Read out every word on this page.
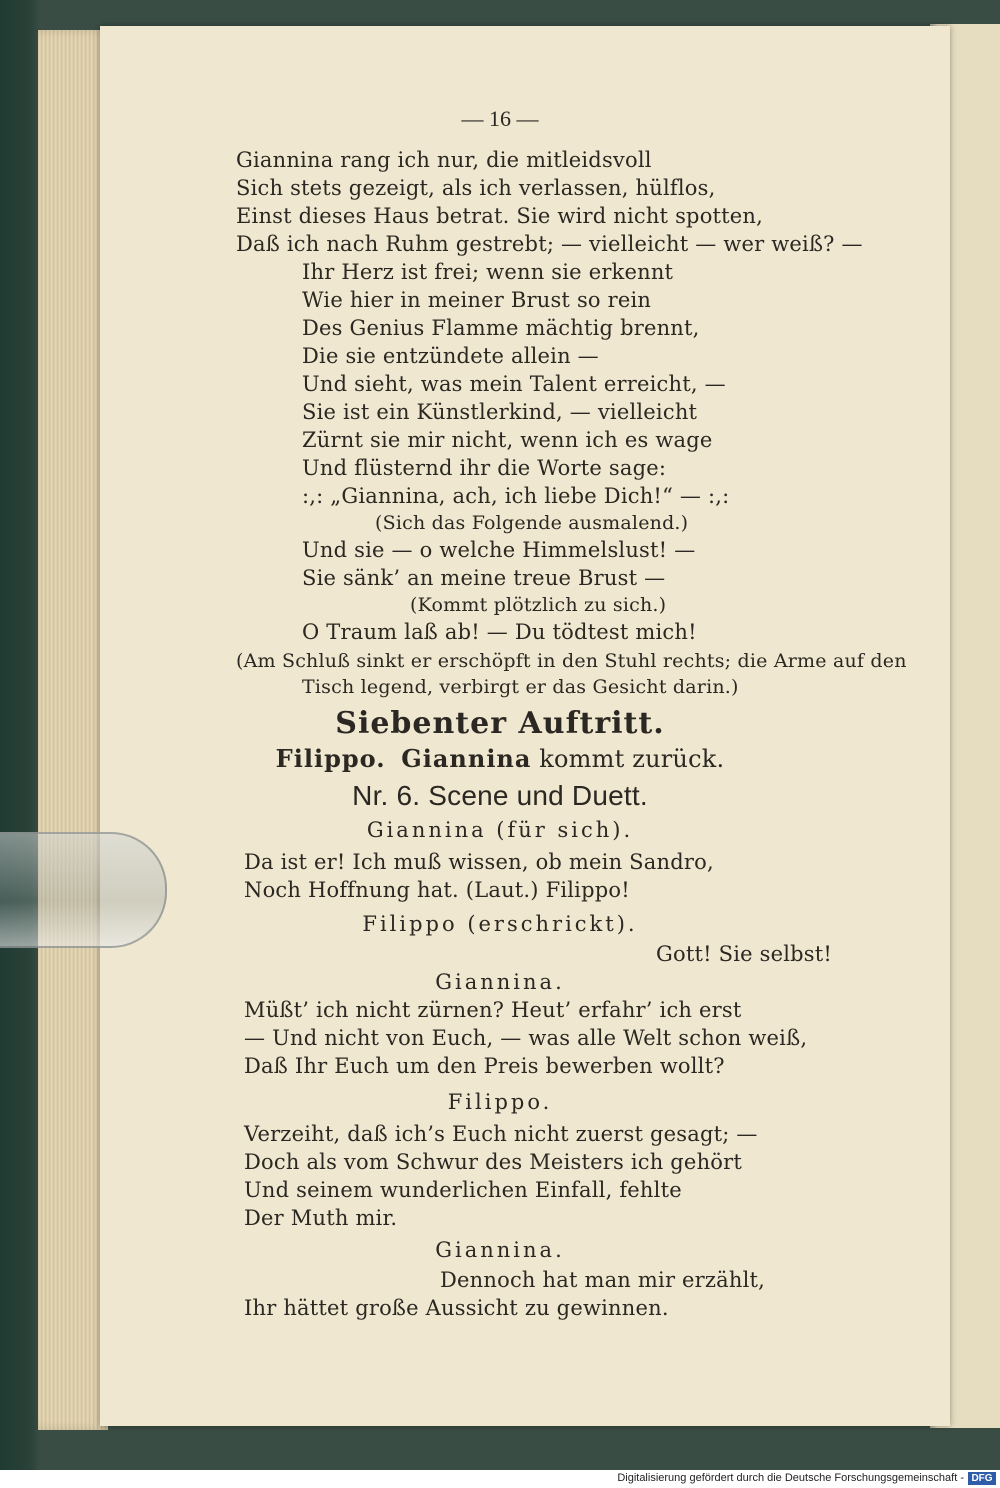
— 16 —
Giannina rang ich nur, die mitleidsvoll
Sich stets gezeigt, als ich verlassen, hülflos,
Einst dieses Haus betrat. Sie wird nicht spotten,
Daß ich nach Ruhm gestrebt; — vielleicht — wer weiß? —
Ihr Herz ist frei; wenn sie erkennt
Wie hier in meiner Brust so rein
Des Genius Flamme mächtig brennt,
Die sie entzündete allein —
Und sieht, was mein Talent erreicht, —
Sie ist ein Künstlerkind, — vielleicht
Zürnt sie mir nicht, wenn ich es wage
Und flüsternd ihr die Worte sage:
:,: „Giannina, ach, ich liebe Dich!“ — :,:
(Sich das Folgende ausmalend.)
Und sie — o welche Himmelslust! —
Sie sänk’ an meine treue Brust —
(Kommt plötzlich zu sich.)
O Traum laß ab! — Du tödtest mich!
(Am Schluß sinkt er erschöpft in den Stuhl rechts; die Arme auf den
Tisch legend, verbirgt er das Gesicht darin.)
Siebenter Auftritt.
Filippo. Giannina kommt zurück.
Nr. 6. Scene und Duett.
Giannina (für sich).
Da ist er! Ich muß wissen, ob mein Sandro,
Noch Hoffnung hat. (Laut.) Filippo!
Filippo (erschrickt).
Gott! Sie selbst!
Giannina.
Müßt’ ich nicht zürnen? Heut’ erfahr’ ich erst
— Und nicht von Euch, — was alle Welt schon weiß,
Daß Ihr Euch um den Preis bewerben wollt?
Filippo.
Verzeiht, daß ich’s Euch nicht zuerst gesagt; —
Doch als vom Schwur des Meisters ich gehört
Und seinem wunderlichen Einfall, fehlte
Der Muth mir.
Giannina.
Dennoch hat man mir erzählt,
Ihr hättet große Aussicht zu gewinnen.
Digitalisierung gefördert durch die Deutsche Forschungsgemeinschaft - DFG
